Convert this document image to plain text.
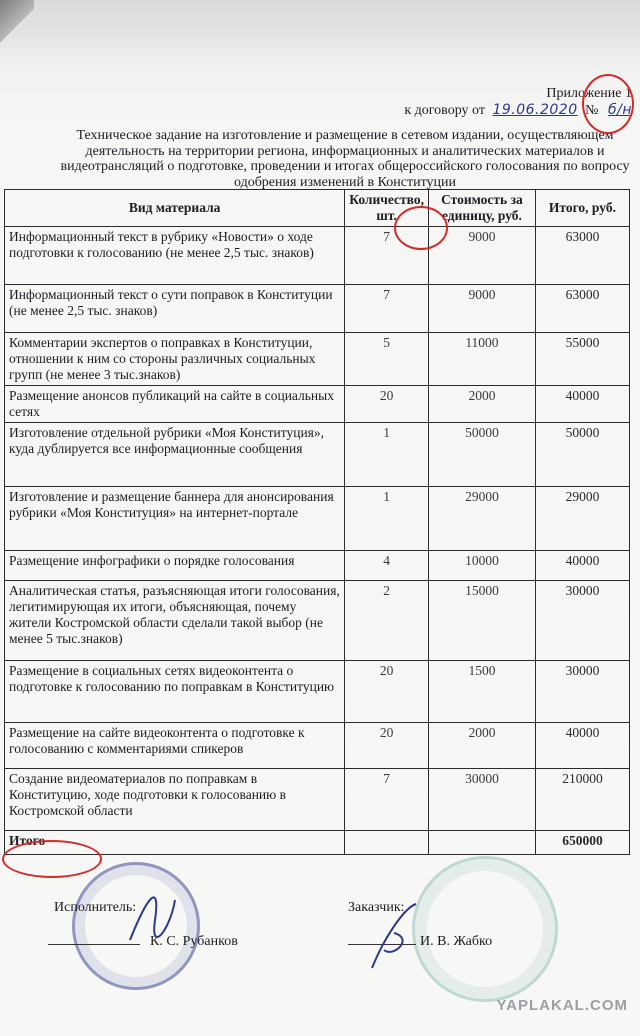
Приложение 1
к договору от 19.06.2020 № б/н
Техническое задание на изготовление и размещение в сетевом издании, осуществляющем деятельность на территории региона, информационных и аналитических материалов и видеотрансляций о подготовке, проведении и итогах общероссийского голосования по вопросу одобрения изменений в Конституции
Вид материала	Количество, шт.	Стоимость за единицу, руб.	Итого, руб.
Информационный текст в рубрику «Новости» о ходе подготовки к голосованию (не менее 2,5 тыс. знаков)	7	9000	63000
Информационный текст о сути поправок в Конституции (не менее 2,5 тыс. знаков)	7	9000	63000
Комментарии экспертов о поправках в Конституции, отношении к ним со стороны различных социальных групп (не менее 3 тыс.знаков)	5	11000	55000
Размещение анонсов публикаций на сайте в социальных сетях	20	2000	40000
Изготовление отдельной рубрики «Моя Конституция», куда дублируется все информационные сообщения	1	50000	50000
Изготовление и размещение баннера для анонсирования рубрики «Моя Конституция» на интернет-портале	1	29000	29000
Размещение инфографики о порядке голосования	4	10000	40000
Аналитическая статья, разъясняющая итоги голосования, легитимирующая их итоги, объясняющая, почему жители Костромской области сделали такой выбор (не менее 5 тыс.знаков)	2	15000	30000
Размещение в социальных сетях видеоконтента о подготовке к голосованию по поправкам в Конституцию	20	1500	30000
Размещение на сайте видеоконтента о подготовке к голосованию с комментариями спикеров	20	2000	40000
Создание видеоматериалов по поправкам в Конституцию, ходе подготовки к голосованию в Костромской области	7	30000	210000
Итого			650000
Исполнитель:
К. С. Рубанков
Заказчик:
И. В. Жабко
YAPLAKAL.COM
